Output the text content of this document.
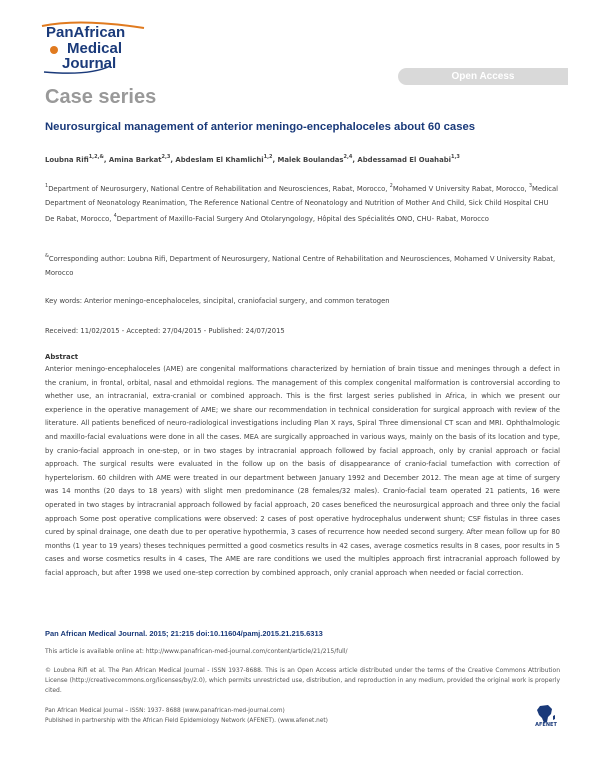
PanAfrican
Medical
Journal
Open Access
Case series
Neurosurgical management of anterior meningo-encephaloceles about 60 cases
Loubna Rifi$^{1,2,\&}$, Amina Barkat$^{2,3}$, Abdeslam El Khamlichi$^{1,2}$, Malek Boulandas$^{2,4}$, Abdessamad El Ouahabi$^{1,3}$
$^1$Department of Neurosurgery, National Centre of Rehabilitation and Neurosciences, Rabat, Morocco, $^2$Mohamed V University Rabat, Morocco, $^3$Medical Department of Neonatology Reanimation, The Reference National Centre of Neonatology and Nutrition of Mother And Child, Sick Child Hospital CHU De Rabat, Morocco, $^4$Department of Maxillo-Facial Surgery And Otolaryngology, Hôpital des Spécialités ONO, CHU- Rabat, Morocco
&Corresponding author: Loubna Rifi, Department of Neurosurgery, National Centre of Rehabilitation and Neurosciences, Mohamed V University Rabat, Morocco
Key words: Anterior meningo-encephaloceles, sincipital, craniofacial surgery, and common teratogen
Received: 11/02/2015 - Accepted: 27/04/2015 - Published: 24/07/2015
Abstract
Anterior meningo-encephaloceles (AME) are congenital malformations characterized by herniation of brain tissue and meninges through a defect in the cranium, in frontal, orbital, nasal and ethmoidal regions. The management of this complex congenital malformation is controversial according to whether use, an intracranial, extra-cranial or combined approach. This is the first largest series published in Africa, in which we present our experience in the operative management of AME; we share our recommendation in technical consideration for surgical approach with review of the literature. All patients beneficed of neuro-radiological investigations including Plan X rays, Spiral Three dimensional CT scan and MRI. Ophthalmologic and maxillo-facial evaluations were done in all the cases. MEA are surgically approached in various ways, mainly on the basis of its location and type, by cranio-facial approach in one-step, or in two stages by intracranial approach followed by facial approach, only by cranial approach or facial approach. The surgical results were evaluated in the follow up on the basis of disappearance of cranio-facial tumefaction with correction of hypertelorism. 60 children with AME were treated in our department between January 1992 and December 2012. The mean age at time of surgery was 14 months (20 days to 18 years) with slight men predominance (28 females/32 males). Cranio-facial team operated 21 patients, 16 were operated in two stages by intracranial approach followed by facial approach, 20 cases beneficed the neurosurgical approach and three only the facial approach Some post operative complications were observed: 2 cases of post operative hydrocephalus underwent shunt; CSF fistulas in three cases cured by spinal drainage, one death due to per operative hypothermia, 3 cases of recurrence how needed second surgery. After mean follow up for 80 months (1 year to 19 years) theses techniques permitted a good cosmetics results in 42 cases, average cosmetics results in 8 cases, poor results in 5 cases and worse cosmetics results in 4 cases, The AME are rare conditions we used the multiples approach first intracranial approach followed by facial approach, but after 1998 we used one-step correction by combined approach, only cranial approach when needed or facial correction.
Pan African Medical Journal. 2015; 21:215 doi:10.11604/pamj.2015.21.215.6313
This article is available online at: http://www.panafrican-med-journal.com/content/article/21/215/full/
© Loubna Rifi et al. The Pan African Medical Journal - ISSN 1937-8688. This is an Open Access article distributed under the terms of the Creative Commons Attribution License (http://creativecommons.org/licenses/by/2.0), which permits unrestricted use, distribution, and reproduction in any medium, provided the original work is properly cited.
Pan African Medical Journal – ISSN: 1937- 8688 (www.panafrican-med-journal.com)
Published in partnership with the African Field Epidemiology Network (AFENET). (www.afenet.net)
AFENET
